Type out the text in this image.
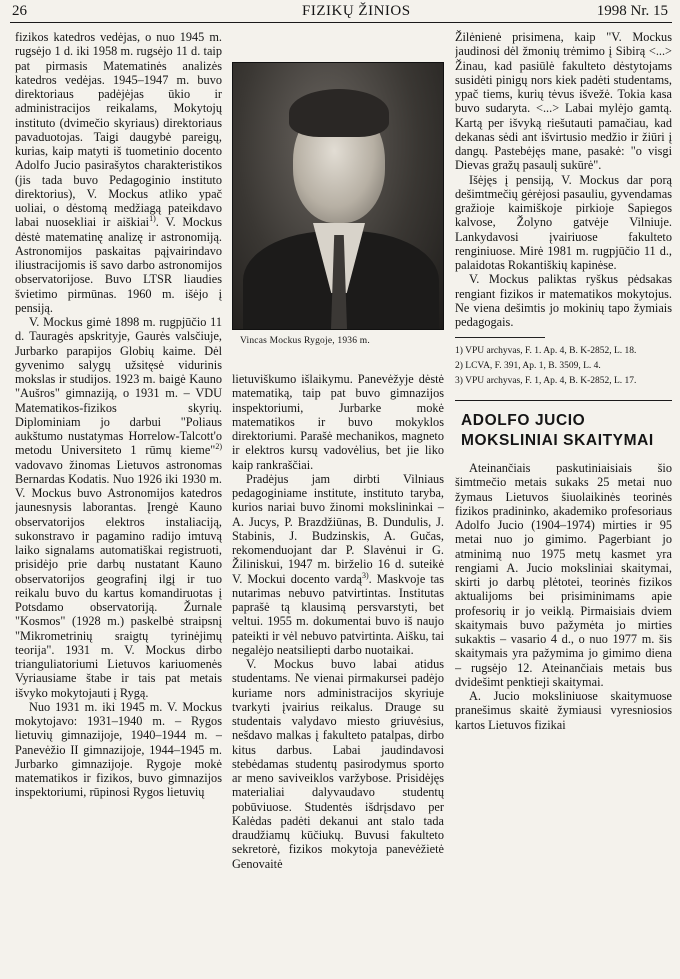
26	FIZIKŲ ŽINIOS	1998 Nr. 15

fizikos katedros vedėjas, o nuo 1945 m. rugsėjo 1 d. iki 1958 m. rugsėjo 11 d. taip pat pirmasis Matematinės analizės katedros vedėjas. 1945–1947 m. buvo direktoriaus padėjėjas ūkio ir administracijos reikalams, Mokytojų instituto (dvimečio skyriaus) direktoriaus pavaduotojas. Taigi daugybė pareigų, kurias, kaip matyti iš tuometinio docento Adolfo Jucio pasirašytos charakteristikos (jis tada buvo Pedagoginio instituto direktorius), V. Mockus atliko ypač uoliai, o dėstomą medžiagą pateikdavo labai nuosekliai ir aiškiai$^{1)}$. V. Mockus dėstė matematinę analizę ir astronomiją. Astronomijos paskaitas pąįvairindavo iliustracijomis iš savo darbo astronomijos observatorijose. Buvo LTSR liaudies švietimo pirmūnas. 1960 m. išėjo į pensiją.

V. Mockus gimė 1898 m. rugpjūčio 11 d. Tauragės apskrityje, Gaurės valsčiuje, Jurbarko parapijos Globių kaime. Dėl gyvenimo salygų užsitęsė vidurinis mokslas ir studijos. 1923 m. baigė Kauno "Aušros" gimnaziją, o 1931 m. – VDU Matematikos-fizikos skyrių. Diplominiam jo darbui "Poliaus aukštumo nustatymas Horrelow-Talcott'o metodu Universiteto 1 rūmų kieme"$^{2)}$ vadovavo žinomas Lietuvos astronomas Bernardas Kodatis. Nuo 1926 iki 1930 m. V. Mockus buvo Astronomijos katedros jaunesnysis laborantas. Įrengė Kauno observatorijos elektros instaliaciją, sukonstravo ir pagamino radijo imtuvą laiko signalams automatiškai registruoti, prisidėjo prie darbų nustatant Kauno observatorijos geografinį ilgį ir tuo reikalu buvo du kartus komandiruotas į Potsdamo observatoriją. Žurnale "Kosmos" (1928 m.) paskelbė straipsnį "Mikrometrinių sraigtų tyrinėjimų teorija". 1931 m. V. Mockus dirbo trianguliatoriumi Lietuvos kariuomenės Vyriausiame štabe ir tais pat metais išvyko mokytojauti į Rygą.

Nuo 1931 m. iki 1945 m. V. Mockus mokytojavo: 1931–1940 m. – Rygos lietuvių gimnazijoje, 1940–1944 m. – Panevėžio II gimnazijoje, 1944–1945 m. Jurbarko gimnazijoje. Rygoje mokė matematikos ir fizikos, buvo gimnazijos inspektoriumi, rūpinosi Rygos lietuvių

Vincas Mockus Rygoje, 1936 m.

lietuviškumo išlaikymu. Panevėžyje dėstė matematiką, taip pat buvo gimnazijos inspektoriumi, Jurbarke mokė matematikos ir buvo mokyklos direktoriumi. Parašė mechanikos, magneto ir elektros kursų vadovėlius, bet jie liko kaip rankraščiai.

Pradėjus jam dirbti Vilniaus pedagoginiame institute, instituto taryba, kurios nariai buvo žinomi mokslininkai – A. Jucys, P. Brazdžiūnas, B. Dundulis, J. Stabinis, J. Budzinskis, A. Gučas, rekomenduojant dar P. Slavėnui ir G. Žiliniskui, 1947 m. birželio 16 d. suteikė V. Mockui docento vardą$^{3)}$. Maskvoje tas nutarimas nebuvo patvirtintas. Institutas paprašė tą klausimą persvarstyti, bet veltui. 1955 m. dokumentai buvo iš naujo pateikti ir vėl nebuvo patvirtinta. Aišku, tai negalėjo neatsiliepti darbo nuotaikai.

V. Mockus buvo labai atidus studentams. Ne vienai pirmakursei padėjo kuriame nors administracijos skyriuje tvarkyti įvairius reikalus. Drauge su studentais valydavo miesto griuvėsius, nešdavo malkas į fakulteto patalpas, dirbo kitus darbus. Labai jaudindavosi stebėdamas studentų pasirodymus sporto ar meno saviveiklos varžybose. Prisidėjęs materialiai dalyvaudavo studentų pobūviuose. Studentės išdrįsdavo per Kalėdas padėti dekanui ant stalo tada draudžiamų kūčiukų. Buvusi fakulteto sekretorė, fizikos mokytoja panevėžietė Genovaitė

Žilėnienė prisimena, kaip "V. Mockus jaudinosi dėl žmonių trėmimo į Sibirą <...> Žinau, kad pasiūlė fakulteto dėstytojams susidėti pinigų nors kiek padėti studentams, ypač tiems, kurių tėvus išvežė. Tokia kasa buvo sudaryta. <...> Labai mylėjo gamtą. Kartą per išvyką riešutauti pamačiau, kad dekanas sėdi ant išvirtusio medžio ir žiūri į dangų. Pastebėjęs mane, pasakė: "o visgi Dievas gražų pasaulį sukūrė".

Išėjęs į pensiją, V. Mockus dar porą dešimtmečių gėrėjosi pasauliu, gyvendamas gražioje kaimiškoje pirkioje Sapiegos kalvose, Žolyno gatvėje Vilniuje. Lankydavosi įvairiuose fakulteto renginiuose. Mirė 1981 m. rugpjūčio 11 d., palaidotas Rokantiškių kapinėse.

V. Mockus paliktas ryškus pėdsakas rengiant fizikos ir matematikos mokytojus. Ne viena dešimtis jo mokinių tapo žymiais pedagogais.

1) VPU archyvas, F. 1. Ap. 4, B. K-2852, L. 18.
2) LCVA, F. 391, Ap. 1, B. 3509, L. 4.
3) VPU archyvas, F. 1, Ap. 4, B. K-2852, L. 17.
ADOLFO JUCIO
MOKSLINIAI SKAITYMAI

Ateinančiais paskutiniaisiais šio šimtmečio metais sukaks 25 metai nuo žymaus Lietuvos šiuolaikinės teorinės fizikos pradininko, akademiko profesoriaus Adolfo Jucio (1904–1974) mirties ir 95 metai nuo jo gimimo. Pagerbiant jo atminimą nuo 1975 metų kasmet yra rengiami A. Jucio moksliniai skaitymai, skirti jo darbų plėtotei, teorinės fizikos aktualijoms bei prisiminimams apie profesorių ir jo veiklą. Pirmaisiais dviem skaitymais buvo pažymėta jo mirties sukaktis – vasario 4 d., o nuo 1977 m. šis skaitymais yra pažymima jo gimimo diena – rugsėjo 12. Ateinančiais metais bus dvidešimt penktieji skaitymai.

A. Jucio moksliniuose skaitymuose pranešimus skaitė žymiausi vyresniosios kartos Lietuvos fizikai
